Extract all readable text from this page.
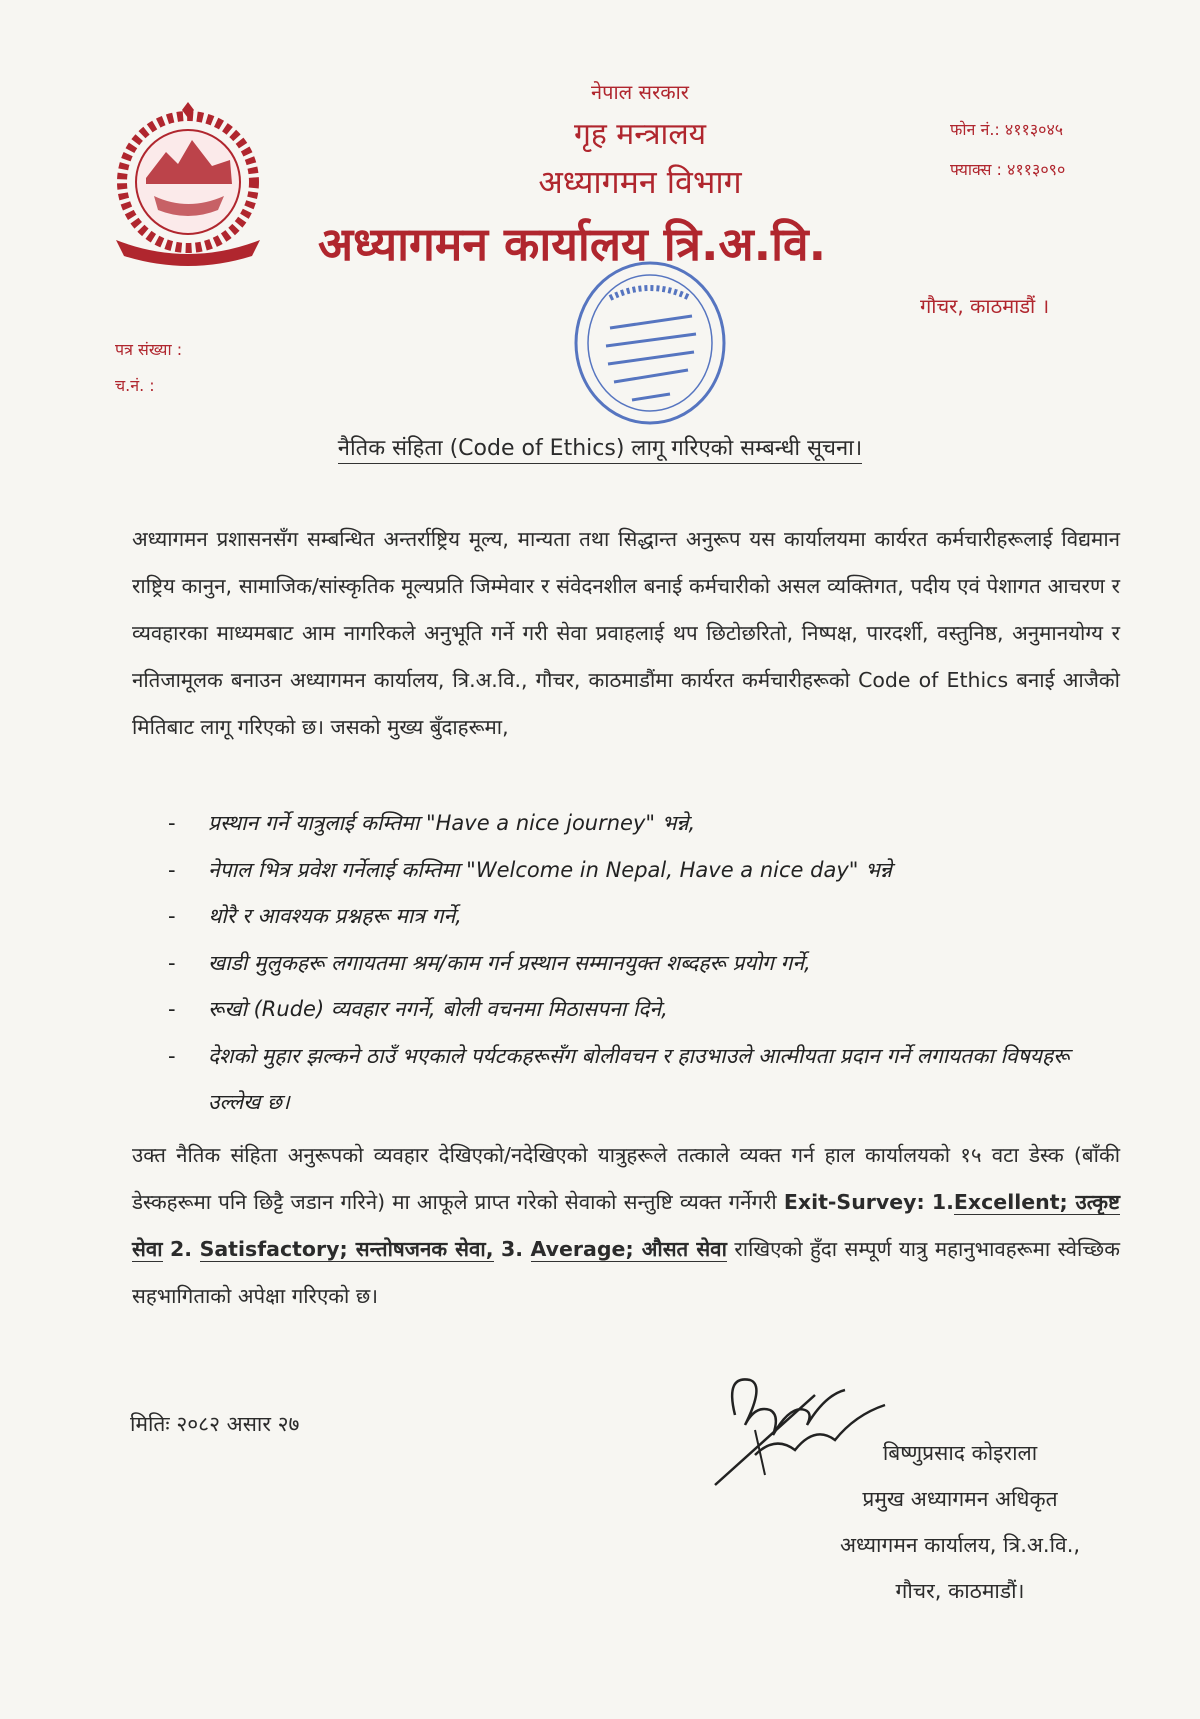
नेपाल सरकार
गृह मन्त्रालय
अध्यागमन विभाग
अध्यागमन कार्यालय त्रि.अ.वि.
फोन नं.: ४११३०४५
फ्याक्स : ४११३०९०
गौचर, काठमाडौं ।
पत्र संख्या :
च.नं. :
नैतिक संहिता (Code of Ethics) लागू गरिएको सम्बन्धी सूचना।
अध्यागमन प्रशासनसँग सम्बन्धित अन्तर्राष्ट्रिय मूल्य, मान्यता तथा सिद्धान्त अनुरूप यस कार्यालयमा कार्यरत कर्मचारीहरूलाई विद्यमान राष्ट्रिय कानुन, सामाजिक/सांस्कृतिक मूल्यप्रति जिम्मेवार र संवेदनशील बनाई कर्मचारीको असल व्यक्तिगत, पदीय एवं पेशागत आचरण र व्यवहारका माध्यमबाट आम नागरिकले अनुभूति गर्ने गरी सेवा प्रवाहलाई थप छिटोछरितो, निष्पक्ष, पारदर्शी, वस्तुनिष्ठ, अनुमानयोग्य र नतिजामूलक बनाउन अध्यागमन कार्यालय, त्रि.अ.वि., गौचर, काठमाडौंमा कार्यरत कर्मचारीहरूको Code of Ethics बनाई आजैको मितिबाट लागू गरिएको छ। जसको मुख्य बुँदाहरूमा,
- प्रस्थान गर्ने यात्रुलाई कम्तिमा "Have a nice journey" भन्ने,
- नेपाल भित्र प्रवेश गर्नेलाई कम्तिमा "Welcome in Nepal, Have a nice day" भन्ने
- थोरै र आवश्यक प्रश्नहरू मात्र गर्ने,
- खाडी मुलुकहरू लगायतमा श्रम/काम गर्न प्रस्थान सम्मानयुक्त शब्दहरू प्रयोग गर्ने,
- रूखो (Rude) व्यवहार नगर्ने, बोली वचनमा मिठासपना दिने,
- देशको मुहार झल्कने ठाउँ भएकाले पर्यटकहरूसँग बोलीवचन र हाउभाउले आत्मीयता प्रदान गर्ने लगायतका विषयहरू उल्लेख छ।
उक्त नैतिक संहिता अनुरूपको व्यवहार देखिएको/नदेखिएको यात्रुहरूले तत्काले व्यक्त गर्न हाल कार्यालयको १५ वटा डेस्क (बाँकी डेस्कहरूमा पनि छिट्टै जडान गरिने) मा आफूले प्राप्त गरेको सेवाको सन्तुष्टि व्यक्त गर्नेगरी Exit-Survey: 1.Excellent; उत्कृष्ट सेवा 2. Satisfactory; सन्तोषजनक सेवा, 3. Average; औसत सेवा राखिएको हुँदा सम्पूर्ण यात्रु महानुभावहरूमा स्वेच्छिक सहभागिताको अपेक्षा गरिएको छ।
मितिः २०८२ असार २७
बिष्णुप्रसाद कोइराला
प्रमुख अध्यागमन अधिकृत
अध्यागमन कार्यालय, त्रि.अ.वि.,
गौचर, काठमाडौं।
